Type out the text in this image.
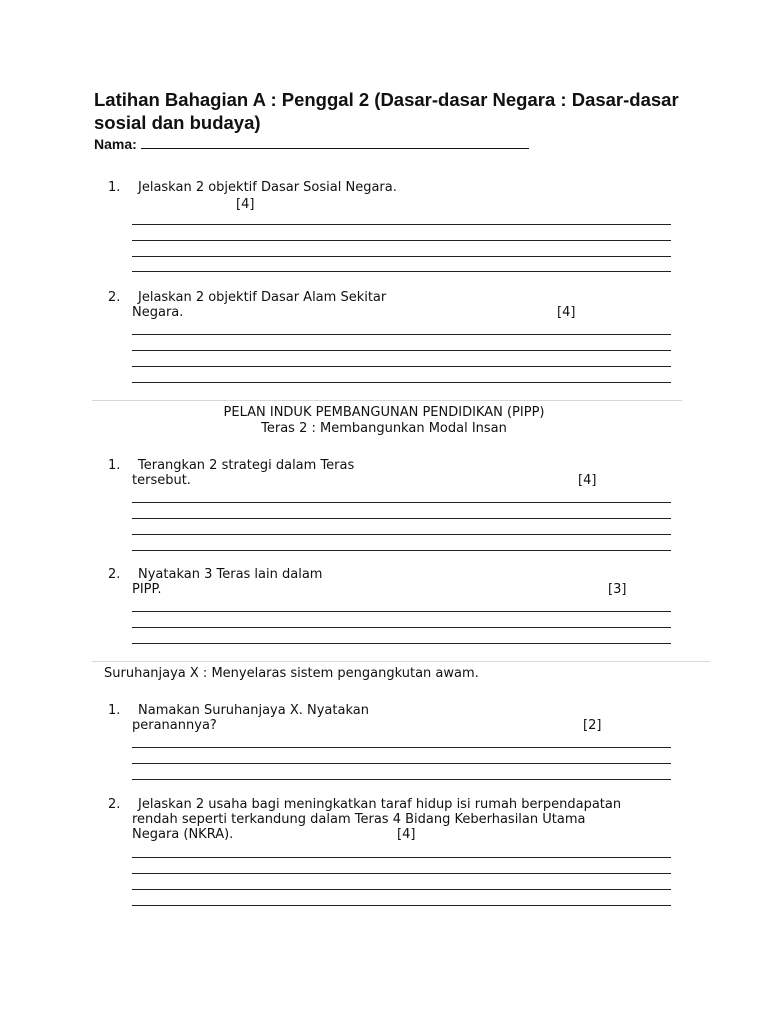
Latihan Bahagian A : Penggal 2 (Dasar-dasar Negara : Dasar-dasar sosial dan budaya)
Nama:
1. Jelaskan 2 objektif Dasar Sosial Negara.
[4]
2. Jelaskan 2 objektif Dasar Alam Sekitar
Negara.	[4]
PELAN INDUK PEMBANGUNAN PENDIDIKAN (PIPP)
Teras 2 : Membangunkan Modal Insan
1. Terangkan 2 strategi dalam Teras
tersebut.	[4]
2. Nyatakan 3 Teras lain dalam
PIPP.	[3]
Suruhanjaya X : Menyelaras sistem pengangkutan awam.
1. Namakan Suruhanjaya X. Nyatakan
peranannya?	[2]
2. Jelaskan 2 usaha bagi meningkatkan taraf hidup isi rumah berpendapatan
rendah seperti terkandung dalam Teras 4 Bidang Keberhasilan Utama
Negara (NKRA).	[4]
